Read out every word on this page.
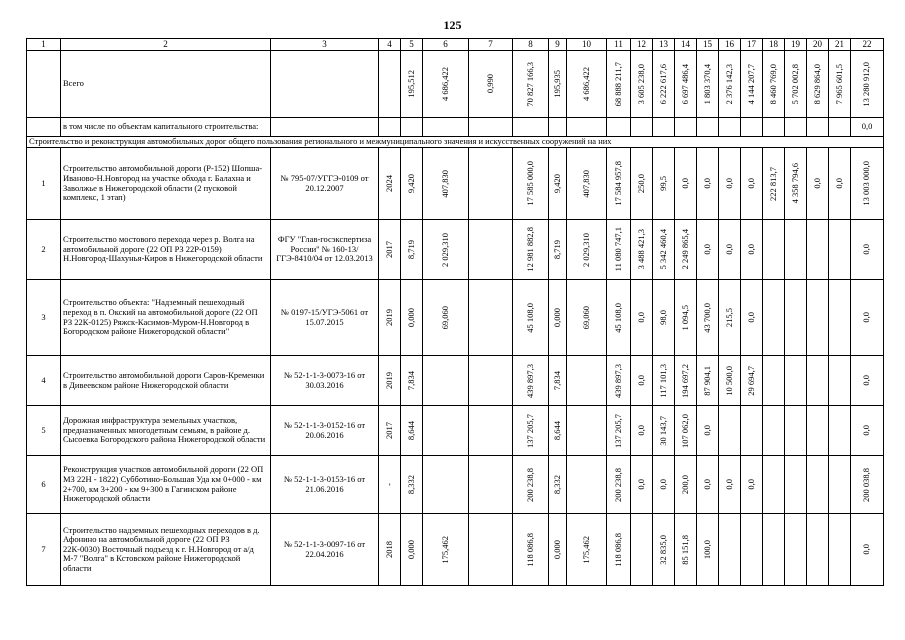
125
1	2	3	4	5	6	7	8	9	10	11	12	13	14	15	16	17	18	19	20	21	22
	Всего			195,512	4 686,422	0,990	70 827 166,3	195,935	4 686,422	68 888 211,7	3 605 238,0	6 222 617,6	6 697 486,4	1 803 370,4	2 376 142,3	4 144 207,7	8 460 769,0	5 702 002,8	8 629 864,0	7 965 601,5	13 280 912,0

	в том числе по объектам капитального строительства:																				0,0
Строительство и реконструкция автомобильных дорог общего пользования регионального и межмуниципального значения и искусственных сооружений на них																					
1	Строительство автомобильной дороги (Р-152) Шопша-Иваново-Н.Новгород на участке обхода г. Балахна и Заволжье в Нижегородской области (2 пусковой комплекс, 1 этап)	№ 795-07/УГГЭ-0109 от 20.12.2007	2024	9,420	407,830		17 585 000,0	9,420	407,830	17 584 957,8	250,0	99,5	0,0	0,0	0,0	0,0	222 813,7	4 358 794,6	0,0	0,0	13 003 000,0

2	Строительство мостового перехода через р. Волга на автомобильной дороге (22 ОП РЗ 22Р-0159) Н.Новгород-Шахунья-Киров в Нижегородской области	ФГУ "Глав-госэкспертиза России" № 160-13/ГГЭ-8410/04 от 12.03.2013	2017	8,719	2 029,310		12 981 882,8	8,719	2 029,310	11 080 747,1	3 488 421,3	5 342 460,4	2 249 865,4	0,0	0,0	0,0					0,0

3	Строительство объекта: "Надземный пешеходный переход в п. Окский на автомобильной дороге (22 ОП РЗ 22К-0125) Ряжск-Касимов-Муром-Н.Новгород в Богородском районе Нижегородской области"	№ 0197-15/УГЭ-5061 от 15.07.2015	2019	0,000	69,060		45 108,0	0,000	69,060	45 108,0	0,0	98,0	1 094,5	43 700,0	215,5	0,0					0,0

4	Строительство автомобильной дороги Саров-Кременки в Дивеевском районе Нижегородской области	№ 52-1-1-3-0073-16 от 30.03.2016	2019	7,834			439 897,3	7,834		439 897,3	0,0	117 101,3	194 697,2	87 904,1	10 500,0	29 694,7					0,0

5	Дорожная инфраструктура земельных участков, предназначенных многодетным семьям, в районе д. Сысоевка Богородского района Нижегородской области	№ 52-1-1-3-0152-16 от 20.06.2016	2017	8,644			137 205,7	8,644		137 205,7	0,0	30 143,7	107 062,0	0,0							0,0

6	Реконструкция участков автомобильной дороги (22 ОП МЗ 22Н - 1822) Субботино-Большая Уда км 0+000 - км 2+700, км 3+200 - км 9+300 в Гагинском районе Нижегородской области	№ 52-1-1-3-0153-16 от 21.06.2016	-	8,332			200 238,8	8,332		200 238,8	0,0	0,0	200,0	0,0	0,0	0,0					200 038,8

7	Строительство надземных пешеходных переходов в д. Афонино на автомобильной дороге (22 ОП РЗ 22К-0030) Восточный подъезд к г. Н.Новгород от а/д М-7 "Волга" в Кстовском районе Нижегородской области	№ 52-1-1-3-0097-16 от 22.04.2016	2018	0,000	175,462		118 086,8	0,000	175,462	118 086,8		32 835,0	85 151,8	100,0							0,0
